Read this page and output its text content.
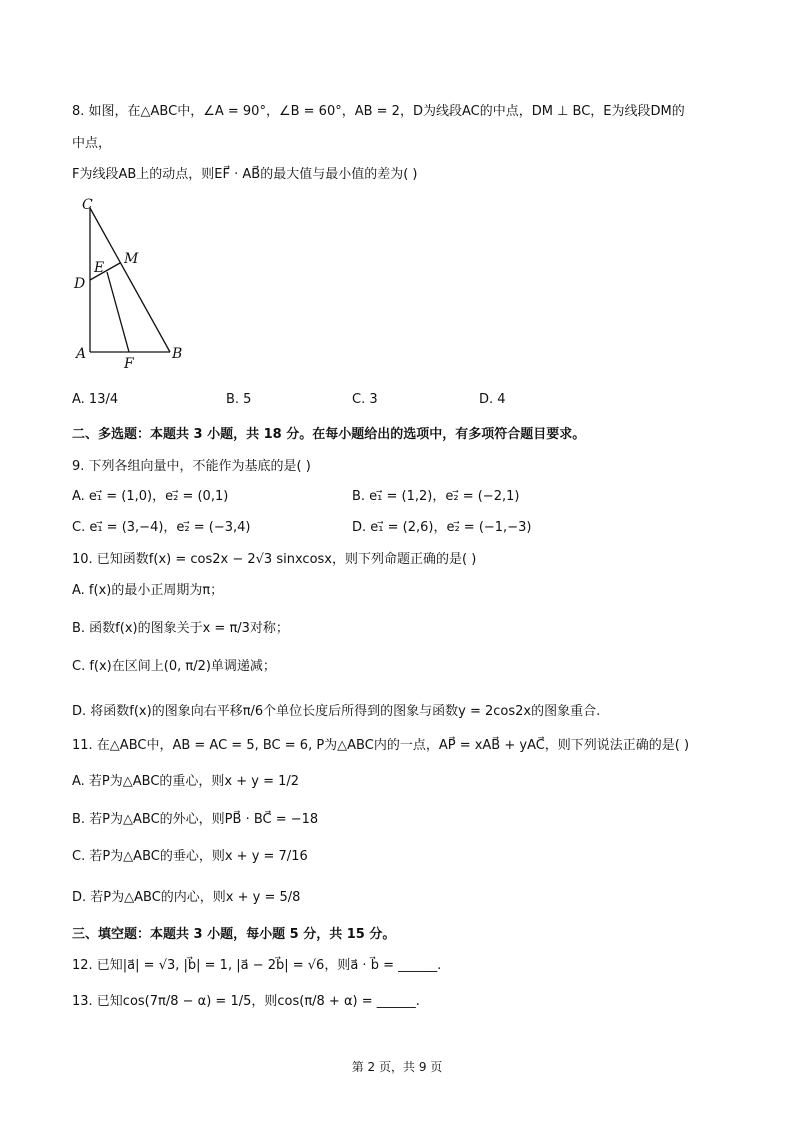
8. 如图，在△ABC中，∠A = 90°，∠B = 60°，AB = 2，D为线段AC的中点，DM ⊥ BC，E为线段DM的
中点，
F为线段AB上的动点，则EF⃗ · AB⃗的最大值与最小值的差为( )
C
M
E
D
A
F
B
A. 13/4	B. 5	C. 3	D. 4
二、多选题：本题共 3 小题，共 18 分。在每小题给出的选项中，有多项符合题目要求。
9. 下列各组向量中，不能作为基底的是( )
A. e₁⃗ = (1,0)，e₂⃗ = (0,1)	B. e₁⃗ = (1,2)，e₂⃗ = (−2,1)
C. e₁⃗ = (3,−4)，e₂⃗ = (−3,4)	D. e₁⃗ = (2,6)，e₂⃗ = (−1,−3)
10. 已知函数f(x) = cos2x − 2√3 sinxcosx，则下列命题正确的是( )
A. f(x)的最小正周期为π；
B. 函数f(x)的图象关于x = π/3对称；
C. f(x)在区间上(0, π/2)单调递减；
D. 将函数f(x)的图象向右平移π/6个单位长度后所得到的图象与函数y = 2cos2x的图象重合.
11. 在△ABC中，AB = AC = 5, BC = 6, P为△ABC内的一点，AP⃗ = xAB⃗ + yAC⃗，则下列说法正确的是( )
A. 若P为△ABC的重心，则x + y = 1/2
B. 若P为△ABC的外心，则PB⃗ · BC⃗ = −18
C. 若P为△ABC的垂心，则x + y = 7/16
D. 若P为△ABC的内心，则x + y = 5/8
三、填空题：本题共 3 小题，每小题 5 分，共 15 分。
12. 已知|a⃗| = √3, |b⃗| = 1, |a⃗ − 2b⃗| = √6，则a⃗ · b⃗ = ______.
13. 已知cos(7π/8 − α) = 1/5，则cos(π/8 + α) = ______.
第 2 页，共 9 页
